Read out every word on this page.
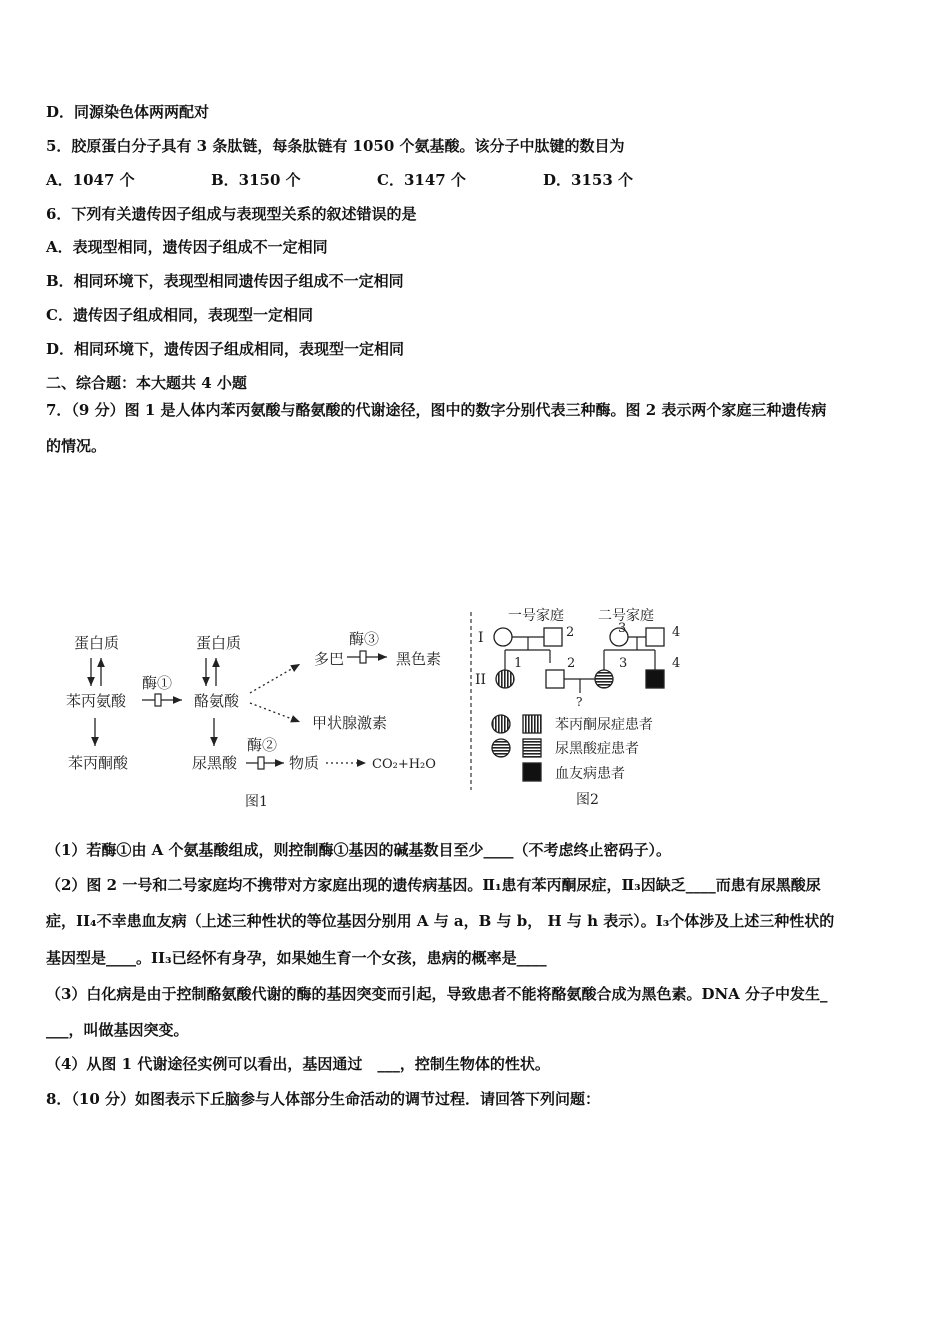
D．同源染色体两两配对
5．胶原蛋白分子具有 3 条肽链，每条肽链有 1050 个氨基酸。该分子中肽键的数目为
A．1047 个	B．3150 个	C．3147 个	D．3153 个
6．下列有关遗传因子组成与表现型关系的叙述错误的是
A．表现型相同，遗传因子组成不一定相同
B．相同环境下，表现型相同遗传因子组成不一定相同
C．遗传因子组成相同，表现型一定相同
D．相同环境下，遗传因子组成相同，表现型一定相同
二、综合题：本大题共 4 小题
7．（9 分）图 1 是人体内苯丙氨酸与酪氨酸的代谢途径，图中的数字分别代表三种酶。图 2 表示两个家庭三种遗传病
的情况。
蛋白质
苯丙氨酸
苯丙酮酸
酶①
蛋白质
酪氨酸
尿黑酸
多巴
酶③
黑色素
甲状腺激素
酶②
物质	CO₂+H₂O
图1
一号家庭 二号家庭
I
II
2
1
3	4
3	4
2
?
苯丙酮尿症患者
尿黑酸症患者
血友病患者
图2
（1）若酶①由 A 个氨基酸组成，则控制酶①基因的碱基数目至少____（不考虑终止密码子）。
（2）图 2 一号和二号家庭均不携带对方家庭出现的遗传病基因。Ⅱ₁患有苯丙酮尿症，Ⅱ₃因缺乏____而患有尿黑酸尿
症，II₄不幸患血友病（上述三种性状的等位基因分别用 A 与 a，B 与 b， H 与 h 表示）。I₃个体涉及上述三种性状的
基因型是____。II₃已经怀有身孕，如果她生育一个女孩，患病的概率是____
（3）白化病是由于控制酪氨酸代谢的酶的基因突变而引起，导致患者不能将酪氨酸合成为黑色素。DNA 分子中发生_
___，叫做基因突变。
（4）从图 1 代谢途径实例可以看出，基因通过　___，控制生物体的性状。
8．（10 分）如图表示下丘脑参与人体部分生命活动的调节过程．请回答下列问题：
